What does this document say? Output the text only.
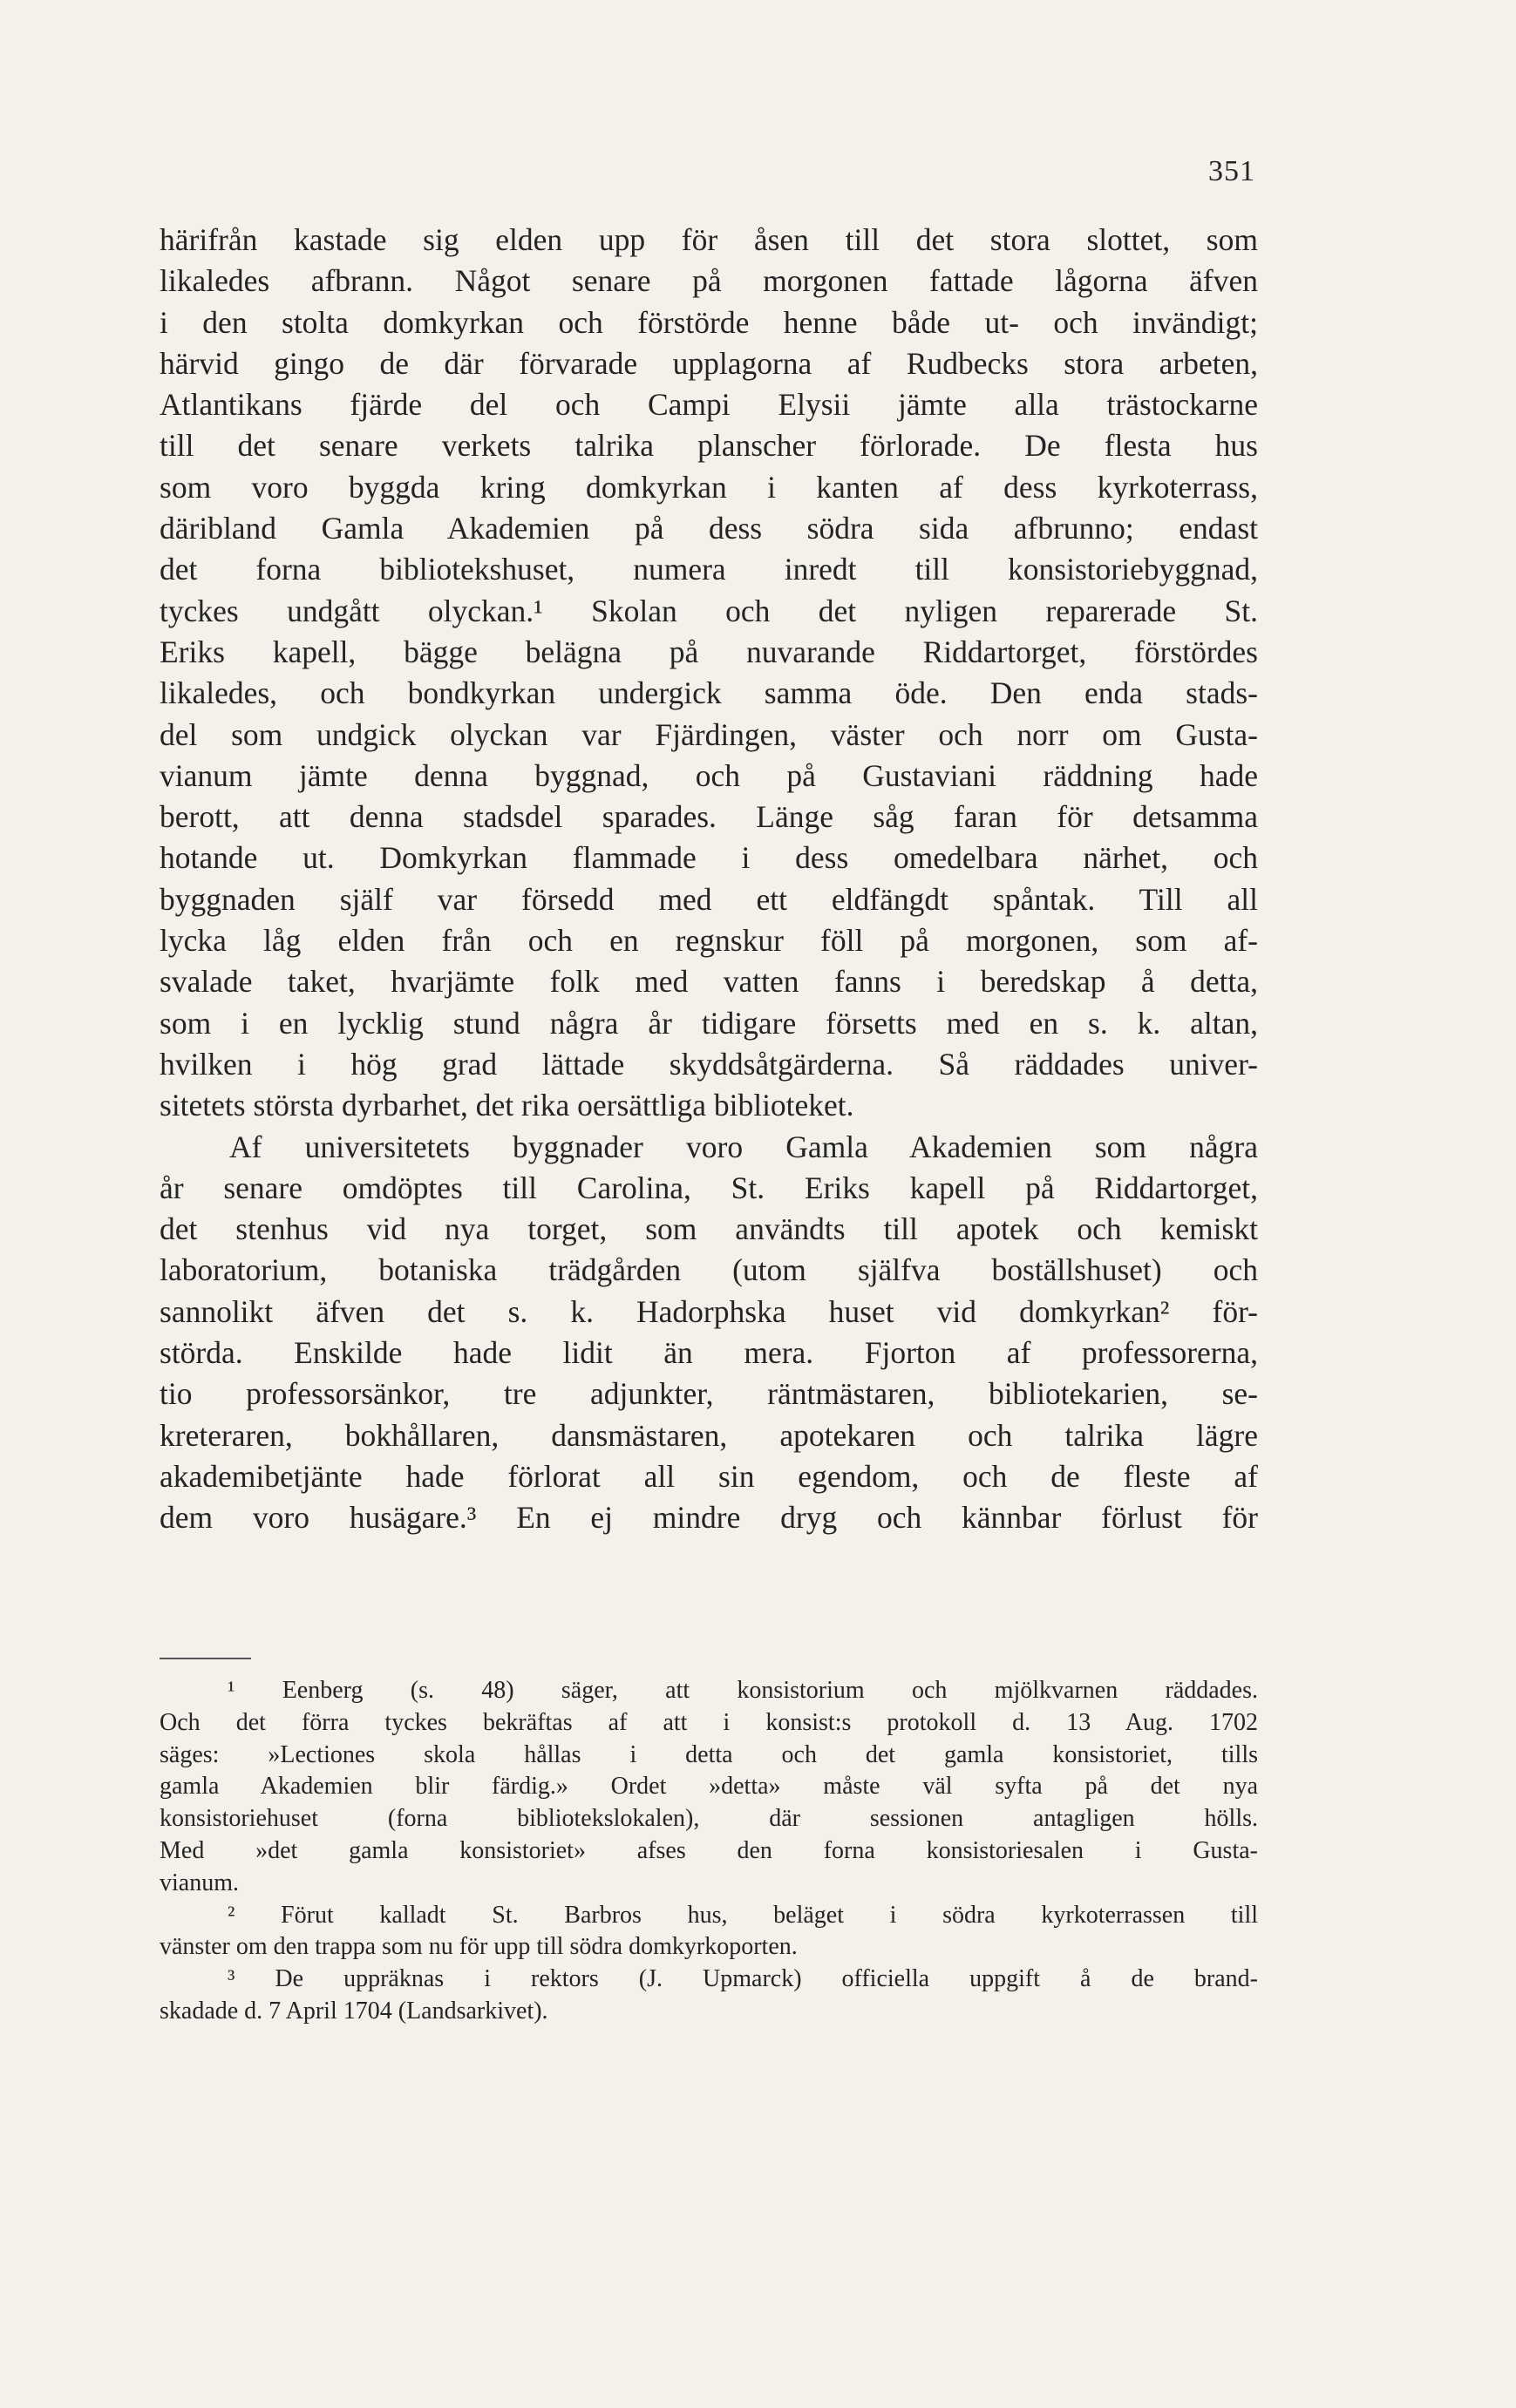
351
härifrån kastade sig elden upp för åsen till det stora slottet, som
likaledes afbrann. Något senare på morgonen fattade lågorna äfven
i den stolta domkyrkan och förstörde henne både ut- och invändigt;
härvid gingo de där förvarade upplagorna af Rudbecks stora arbeten,
Atlantikans fjärde del och Campi Elysii jämte alla trästockarne
till det senare verkets talrika planscher förlorade. De flesta hus
som voro byggda kring domkyrkan i kanten af dess kyrkoterrass,
däribland Gamla Akademien på dess södra sida afbrunno; endast
det forna bibliotekshuset, numera inredt till konsistoriebyggnad,
tyckes undgått olyckan.¹ Skolan och det nyligen reparerade St.
Eriks kapell, bägge belägna på nuvarande Riddartorget, förstördes
likaledes, och bondkyrkan undergick samma öde. Den enda stads-
del som undgick olyckan var Fjärdingen, väster och norr om Gusta-
vianum jämte denna byggnad, och på Gustaviani räddning hade
berott, att denna stadsdel sparades. Länge såg faran för detsamma
hotande ut. Domkyrkan flammade i dess omedelbara närhet, och
byggnaden själf var försedd med ett eldfängdt spåntak. Till all
lycka låg elden från och en regnskur föll på morgonen, som af-
svalade taket, hvarjämte folk med vatten fanns i beredskap å detta,
som i en lycklig stund några år tidigare försetts med en s. k. altan,
hvilken i hög grad lättade skyddsåtgärderna. Så räddades univer-
sitetets största dyrbarhet, det rika oersättliga biblioteket.
Af universitetets byggnader voro Gamla Akademien som några
år senare omdöptes till Carolina, St. Eriks kapell på Riddartorget,
det stenhus vid nya torget, som användts till apotek och kemiskt
laboratorium, botaniska trädgården (utom själfva boställshuset) och
sannolikt äfven det s. k. Hadorphska huset vid domkyrkan² för-
störda. Enskilde hade lidit än mera. Fjorton af professorerna,
tio professorsänkor, tre adjunkter, räntmästaren, bibliotekarien, se-
kreteraren, bokhållaren, dansmästaren, apotekaren och talrika lägre
akademibetjänte hade förlorat all sin egendom, och de fleste af
dem voro husägare.³ En ej mindre dryg och kännbar förlust för
¹ Eenberg (s. 48) säger, att konsistorium och mjölkvarnen räddades.
Och det förra tyckes bekräftas af att i konsist:s protokoll d. 13 Aug. 1702
säges: »Lectiones skola hållas i detta och det gamla konsistoriet, tills
gamla Akademien blir färdig.» Ordet »detta» måste väl syfta på det nya
konsistoriehuset (forna bibliotekslokalen), där sessionen antagligen hölls.
Med »det gamla konsistoriet» afses den forna konsistoriesalen i Gusta-
vianum.
² Förut kalladt St. Barbros hus, beläget i södra kyrkoterrassen till
vänster om den trappa som nu för upp till södra domkyrkoporten.
³ De uppräknas i rektors (J. Upmarck) officiella uppgift å de brand-
skadade d. 7 April 1704 (Landsarkivet).
